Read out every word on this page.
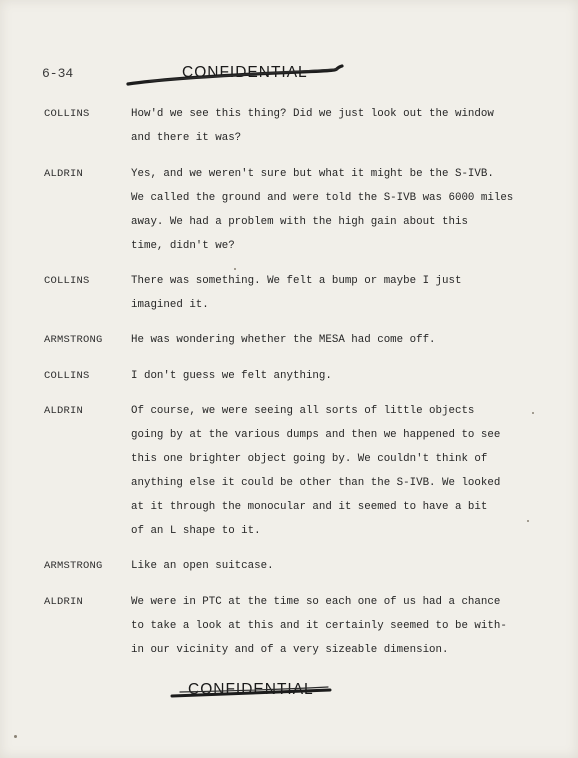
6-34	CONFIDENTIAL
COLLINS	How'd we see this thing? Did we just look out the window
and there it was?
ALDRIN	Yes, and we weren't sure but what it might be the S-IVB.
We called the ground and were told the S-IVB was 6000 miles
away. We had a problem with the high gain about this
time, didn't we?
COLLINS	There was something. We felt a bump or maybe I just
imagined it.
ARMSTRONG	He was wondering whether the MESA had come off.
COLLINS	I don't guess we felt anything.
ALDRIN	Of course, we were seeing all sorts of little objects
going by at the various dumps and then we happened to see
this one brighter object going by. We couldn't think of
anything else it could be other than the S-IVB. We looked
at it through the monocular and it seemed to have a bit
of an L shape to it.
ARMSTRONG	Like an open suitcase.
ALDRIN	We were in PTC at the time so each one of us had a chance
to take a look at this and it certainly seemed to be with-
in our vicinity and of a very sizeable dimension.
CONFIDENTIAL
